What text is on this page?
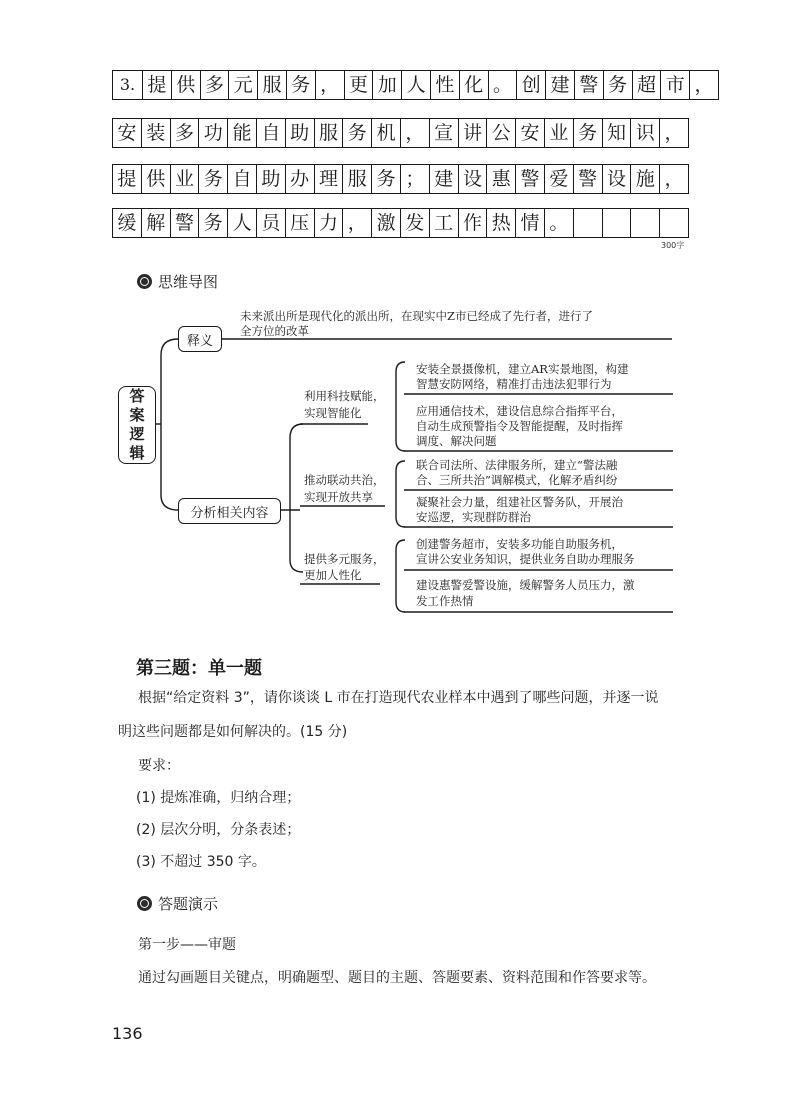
3. 提 供 多 元 服 务 ， 更 加 人 性 化 。 创 建 警 务 超 市 ，
安 装 多 功 能 自 助 服 务 机 ， 宣 讲 公 安 业 务 知 识 ，
提 供 业 务 自 助 办 理 服 务 ； 建 设 惠 警 爱 警 设 施 ，
缓 解 警 务 人 员 压 力 ， 激 发 工 作 热 情 。
300字
思维导图
答
案
逻
辑
释义
未来派出所是现代化的派出所，在现实中Z市已经成了先行者，进行了
全方位的改革
分析相关内容
利用科技赋能，
实现智能化
推动联动共治，
实现开放共享
提供多元服务，
更加人性化
安装全景摄像机，建立AR实景地图，构建
智慧安防网络，精准打击违法犯罪行为
应用通信技术，建设信息综合指挥平台，
自动生成预警指令及智能提醒，及时指挥
调度、解决问题
联合司法所、法律服务所，建立“警法融
合、三所共治”调解模式，化解矛盾纠纷
凝聚社会力量，组建社区警务队，开展治
安巡逻，实现群防群治
创建警务超市，安装多功能自助服务机，
宣讲公安业务知识，提供业务自助办理服务
建设惠警爱警设施，缓解警务人员压力，激
发工作热情
第三题：单一题
根据“给定资料 3”，请你谈谈 L 市在打造现代农业样本中遇到了哪些问题，并逐一说
明这些问题都是如何解决的。(15 分)
要求：
(1) 提炼准确，归纳合理；
(2) 层次分明，分条表述；
(3) 不超过 350 字。
答题演示
第一步——审题
通过勾画题目关键点，明确题型、题目的主题、答题要素、资料范围和作答要求等。
136
